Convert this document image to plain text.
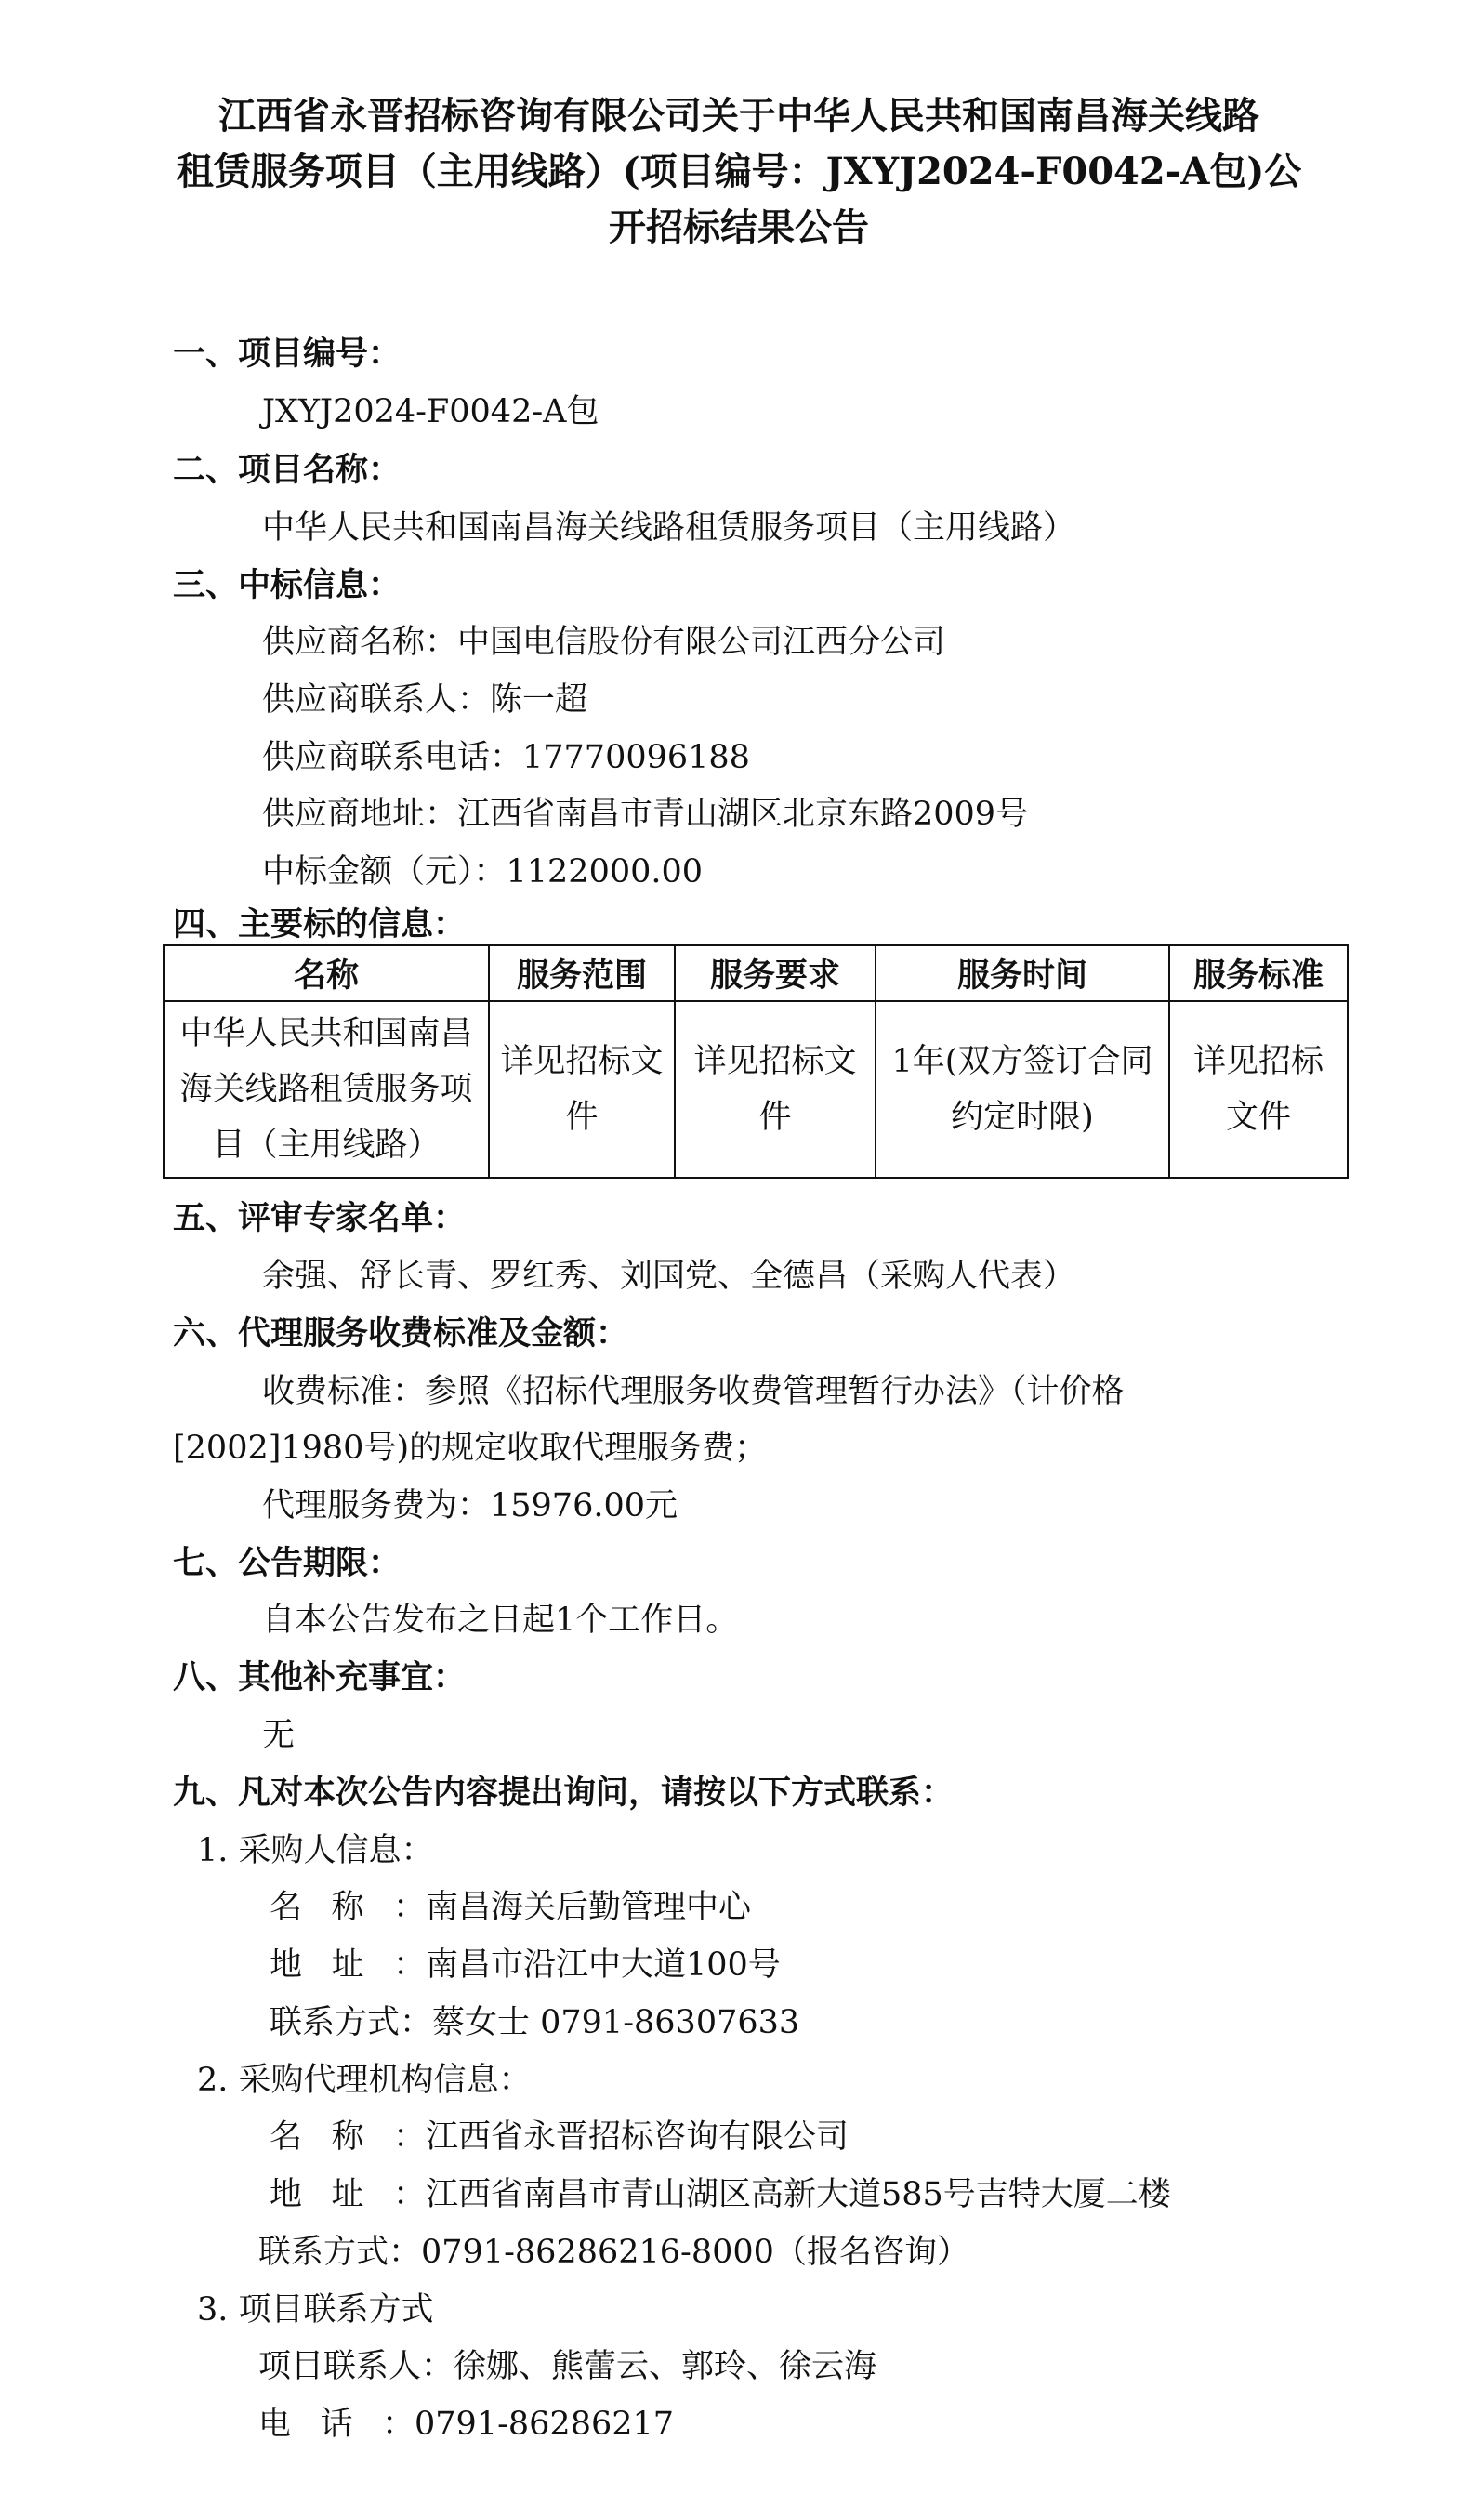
江西省永晋招标咨询有限公司关于中华人民共和国南昌海关线路
租赁服务项目（主用线路）(项目编号：JXYJ2024-F0042-A包)公
开招标结果公告
一、项目编号：
JXYJ2024-F0042-A包
二、项目名称：
中华人民共和国南昌海关线路租赁服务项目（主用线路）
三、中标信息：
供应商名称：中国电信股份有限公司江西分公司
供应商联系人：陈一超
供应商联系电话：17770096188
供应商地址：江西省南昌市青山湖区北京东路2009号
中标金额（元）：1122000.00
四、主要标的信息：
名称	服务范围	服务要求	服务时间	服务标准
中华人民共和国南昌海关线路租赁服务项目（主用线路）	详见招标文件	详见招标文件	1年(双方签订合同约定时限)	详见招标文件
五、评审专家名单：
余强、舒长青、罗红秀、刘国党、全德昌（采购人代表）
六、代理服务收费标准及金额：
收费标准：参照《招标代理服务收费管理暂行办法》（计价格
[2002]1980号)的规定收取代理服务费；
代理服务费为：15976.00元
七、公告期限：
自本公告发布之日起1个工作日。
八、其他补充事宜：
无
九、凡对本次公告内容提出询问，请按以下方式联系：
1. 采购人信息：
名称：南昌海关后勤管理中心
地址：南昌市沿江中大道100号
联系方式：蔡女士 0791-86307633
2. 采购代理机构信息：
名称：江西省永晋招标咨询有限公司
地址：江西省南昌市青山湖区高新大道585号吉特大厦二楼
联系方式：0791-86286216-8000（报名咨询）
3. 项目联系方式
项目联系人：徐娜、熊蕾云、郭玲、徐云海
电话：0791-86286217
